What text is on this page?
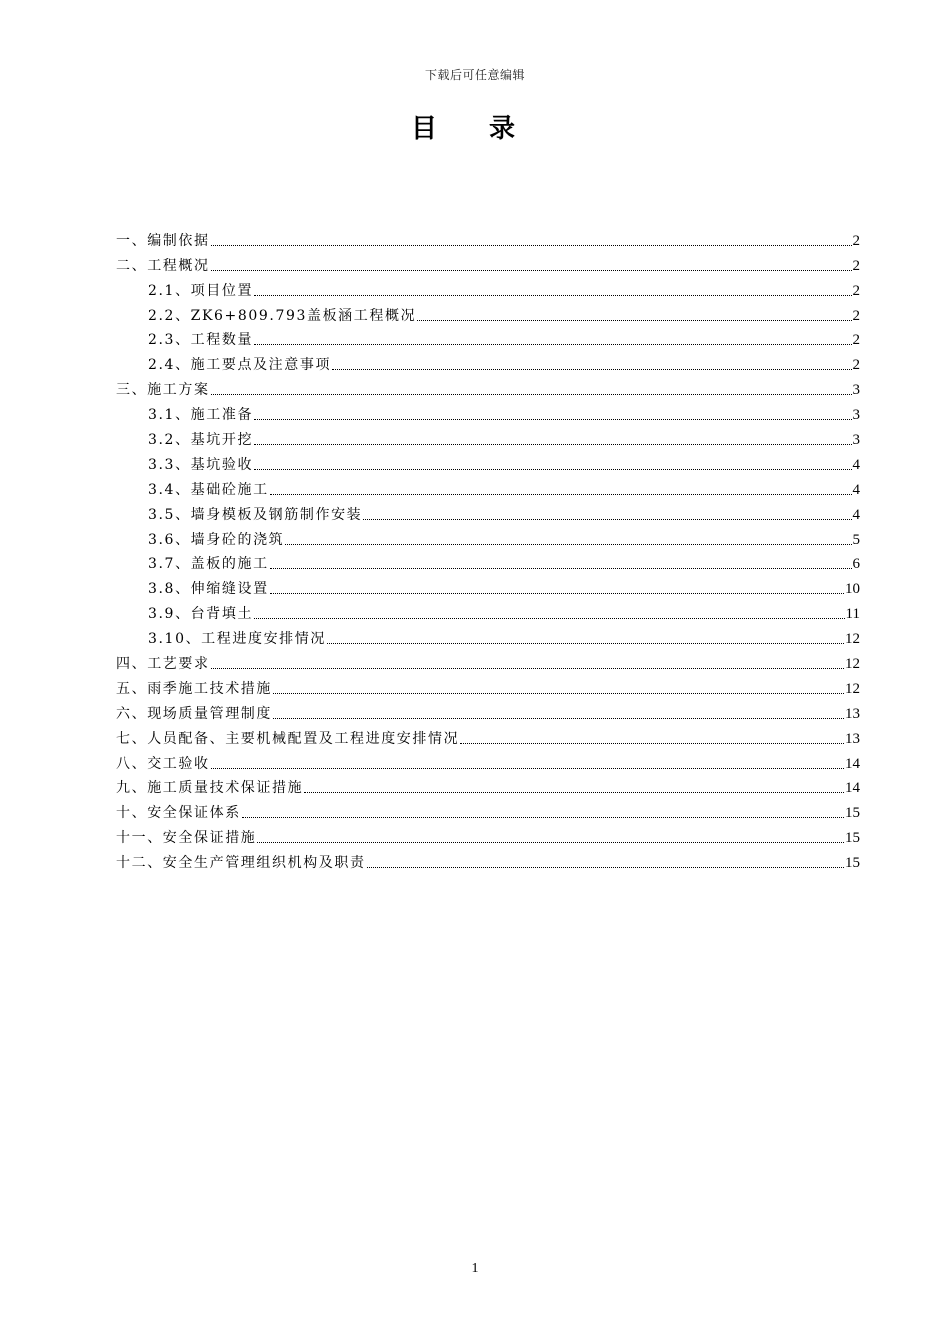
下载后可任意编辑
目录
一、编制依据	2
二、工程概况	2
2.1、项目位置	2
2.2、ZK6+809.793盖板涵工程概况	2
2.3、工程数量	2
2.4、施工要点及注意事项	2
三、施工方案	3
3.1、施工准备	3
3.2、基坑开挖	3
3.3、基坑验收	4
3.4、基础砼施工	4
3.5、墙身模板及钢筋制作安装	4
3.6、墙身砼的浇筑	5
3.7、盖板的施工	6
3.8、伸缩缝设置	10
3.9、台背填土	11
3.10、工程进度安排情况	12
四、工艺要求	12
五、雨季施工技术措施	12
六、现场质量管理制度	13
七、人员配备、主要机械配置及工程进度安排情况	13
八、交工验收	14
九、施工质量技术保证措施	14
十、安全保证体系	15
十一、安全保证措施	15
十二、安全生产管理组织机构及职责	15
1
